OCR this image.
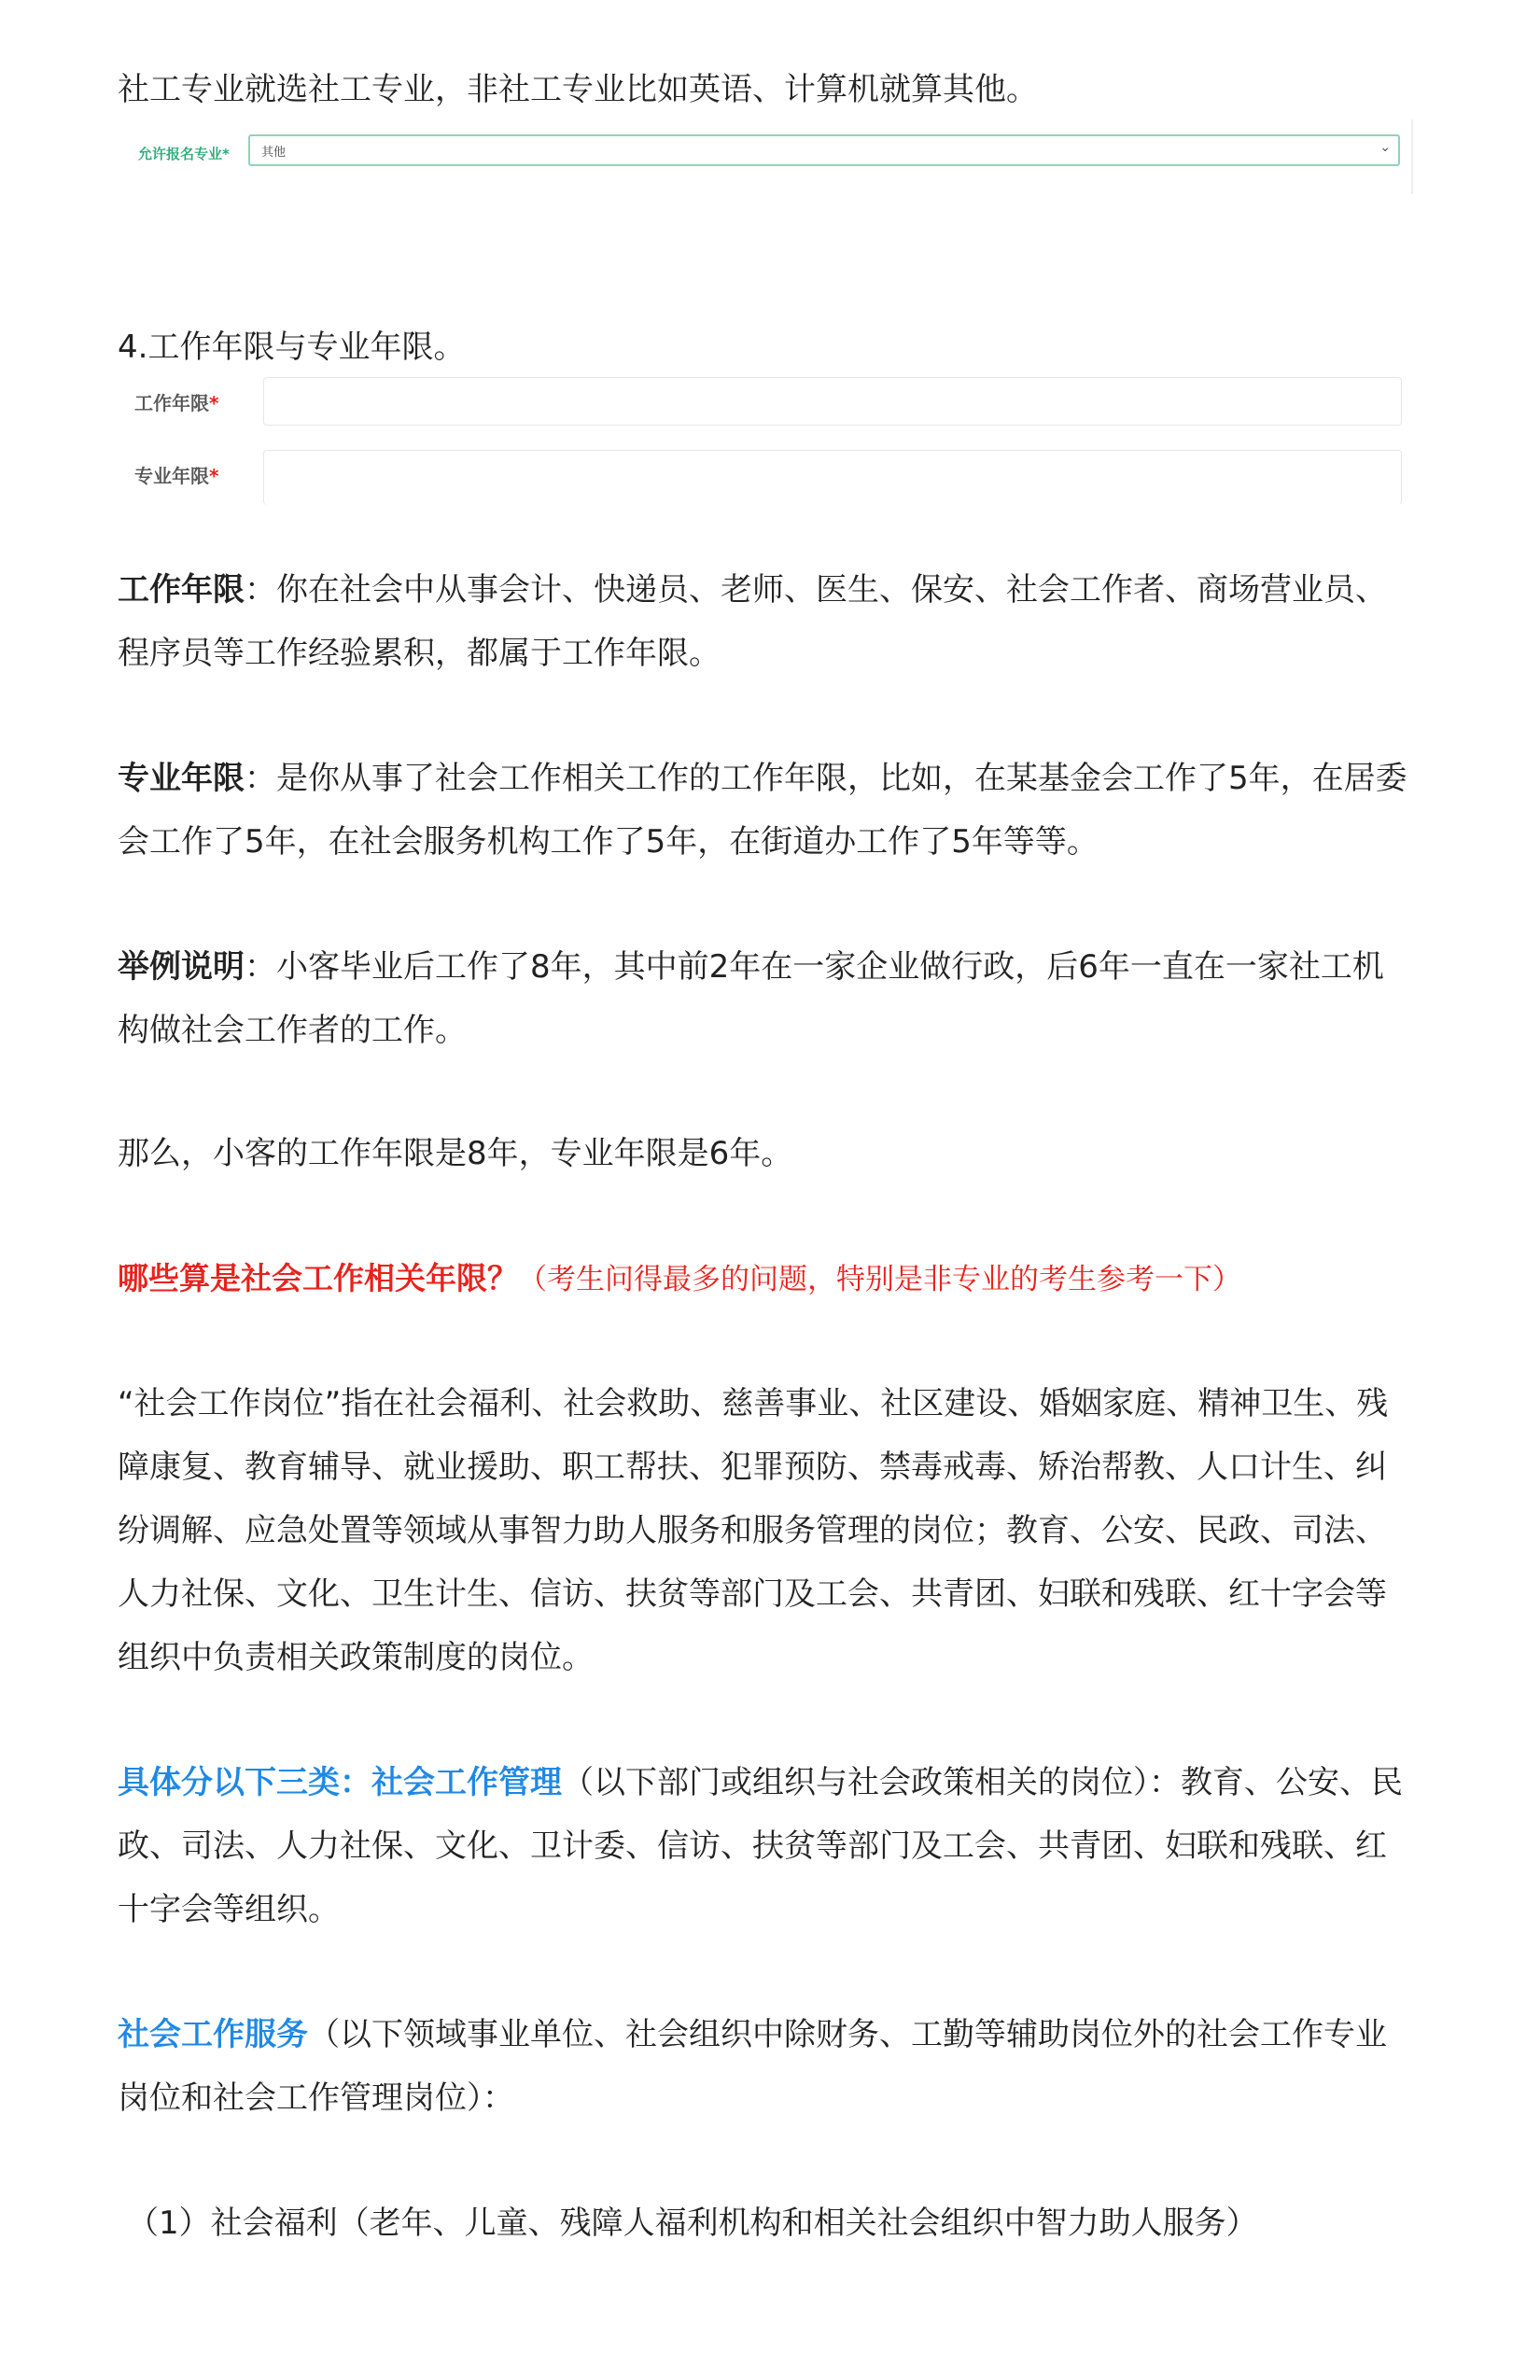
社工专业就选社工专业，非社工专业比如英语、计算机就算其他。

允许报名专业*	其他	⌄

4.工作年限与专业年限。

工作年限*
专业年限*

工作年限：你在社会中从事会计、快递员、老师、医生、保安、社会工作者、商场营业员、程序员等工作经验累积，都属于工作年限。

专业年限：是你从事了社会工作相关工作的工作年限，比如，在某基金会工作了5年，在居委会工作了5年，在社会服务机构工作了5年，在街道办工作了5年等等。

举例说明：小客毕业后工作了8年，其中前2年在一家企业做行政，后6年一直在一家社工机构做社会工作者的工作。

那么，小客的工作年限是8年，专业年限是6年。

哪些算是社会工作相关年限？（考生问得最多的问题，特别是非专业的考生参考一下）

“社会工作岗位”指在社会福利、社会救助、慈善事业、社区建设、婚姻家庭、精神卫生、残障康复、教育辅导、就业援助、职工帮扶、犯罪预防、禁毒戒毒、矫治帮教、人口计生、纠纷调解、应急处置等领域从事智力助人服务和服务管理的岗位；教育、公安、民政、司法、人力社保、文化、卫生计生、信访、扶贫等部门及工会、共青团、妇联和残联、红十字会等组织中负责相关政策制度的岗位。

具体分以下三类：社会工作管理（以下部门或组织与社会政策相关的岗位）：教育、公安、民政、司法、人力社保、文化、卫计委、信访、扶贫等部门及工会、共青团、妇联和残联、红十字会等组织。

社会工作服务（以下领域事业单位、社会组织中除财务、工勤等辅助岗位外的社会工作专业岗位和社会工作管理岗位）：

（1）社会福利（老年、儿童、残障人福利机构和相关社会组织中智力助人服务）
